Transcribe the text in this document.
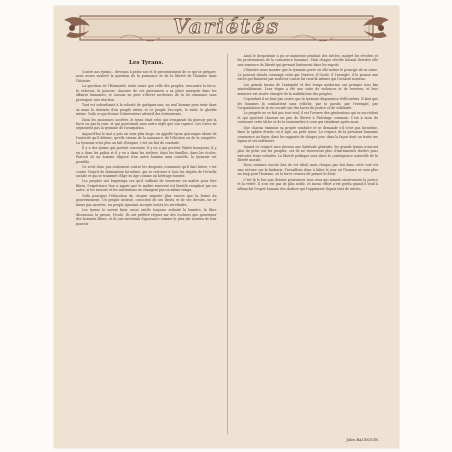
Variétés
Les Tyrans.

Contre nos tyrans... devenus à peine nos et le pressentiment de ce qui se prépare, nous avons soulevé la question de la puissance et de la liberté de l'homme dans l'histoire.

La question de l'Humanité, toute autre que celle des peuples, rencontre la force, la richesse, le pouvoir; chacune de ces puissances a sa place marquée dans les affaires humaines, et aucune ne peut s'élever au-dessus de la loi commune sans provoquer une réaction.

Tout est subordonné à la volonté de quelques-uns; un seul homme peut tenir dans sa main la destinée d'un peuple entier, et ce peuple l'accepte, le subit, le glorifie même. Voilà ce qui étonne l'observateur attentif des événements.

Dans les anciennes sociétés, le tyran était celui qui s'emparait du pouvoir par la force ou par la ruse, et qui gouvernait sans autre règle que son caprice. Les Grecs ne séparaient pas la tyrannie de l'usurpation.

Aujourd'hui le mot a pris un sens plus large: on appelle tyran quiconque abuse de l'autorité qu'il détient, qu'elle vienne de la naissance, de l'élection ou de la conquête. La tyrannie n'est plus un fait d'origine, c'est un fait de conduite.

Il y a des tyrans qui portent couronne, il y en a qui portent l'habit bourgeois; il y en a dans les palais et il y en a dans les ateliers, dans les familles, dans les écoles. Partout où un homme dispose d'un autre homme sans contrôle, la tyrannie est possible.

Ce n'est donc pas seulement contre les despotes couronnés qu'il faut lutter, c'est contre l'esprit de domination lui-même, qui se retrouve à tous les degrés de l'échelle sociale et qui se transmet d'âge en âge comme un héritage funeste.

Les peuples ont longtemps cru qu'il suffisait de renverser un maître pour être libres; l'expérience leur a appris que le maître renversé est bientôt remplacé par un autre, si les moeurs et les institutions ne changent pas en même temps.

Voilà pourquoi l'éducation du citoyen importe plus encore que la forme du gouvernement. Un peuple instruit, conscient de ses droits et de ses devoirs, ne se laisse pas asservir; un peuple ignorant accepte toutes les servitudes.

Les tyrans le savent bien: aussi ont-ils toujours redouté la lumière, la libre discussion, la presse, l'école. Ils ont préféré régner sur des esclaves que gouverner des hommes libres, et ils ont entretenu l'ignorance comme le plus sûr soutien de leur pouvoir.

Ainsi le despotisme a pu se maintenir pendant des siècles, malgré les révoltes et les protestations de la conscience humaine. Mais chaque révolte laissait derrière elle une semence de liberté qui germait lentement dans les esprits.

L'histoire nous montre que la tyrannie porte en elle-même le principe de sa ruine. Le pouvoir absolu corrompt celui qui l'exerce; il l'isole, il l'aveugle, il le pousse aux excès qui finissent par soulever contre lui ceux-là mêmes qui l'avaient soutenu.

Les grands tyrans de l'antiquité et des temps modernes ont presque tous fini misérablement. Leur règne a été une suite de violences et de terreurs, et leur mémoire est restée chargée de la malédiction des peuples.

Cependant il ne faut pas croire que la tyrannie disparaisse d'elle-même. Il faut que les hommes la combattent sans relâche, par la parole, par l'exemple, par l'organisation de la vie sociale sur des bases de justice et de solidarité.

Le progrès ne se fait pas tout seul; il est l'oeuvre des générations qui se succèdent et qui ajoutent chacune un peu de liberté à l'héritage commun. C'est à nous de continuer cette tâche et de la transmettre à ceux qui viendront après nous.

Que chacun examine sa propre conduite et se demande s'il n'est pas lui-même, dans la sphère étroite où il agit, un petit tyran. Le respect de la personne humaine commence au foyer, dans les rapports de chaque jour, dans la façon dont on traite ses égaux et ses inférieurs.

Quand ce respect sera devenu une habitude générale, les grands tyrans n'auront plus de prise sur les peuples, car ils ne trouveront plus d'instruments dociles pour exécuter leurs volontés. La liberté politique sera alors la conséquence naturelle de la liberté morale.

Nous sommes encore loin de cet idéal; mais chaque pas fait dans cette voie est une victoire sur la barbarie. Travaillons donc à hâter le jour où l'homme ne sera plus un loup pour l'homme, où la force cessera de primer le droit.

C'est là le but que doivent poursuivre tous ceux qui aiment sincèrement la justice et la vérité. Il n'en est pas de plus noble, et aucun effort n'est perdu quand il tend à affranchir l'esprit humain des chaînes qui l'oppriment depuis tant de siècles.

Jules BAUDOUIN.
